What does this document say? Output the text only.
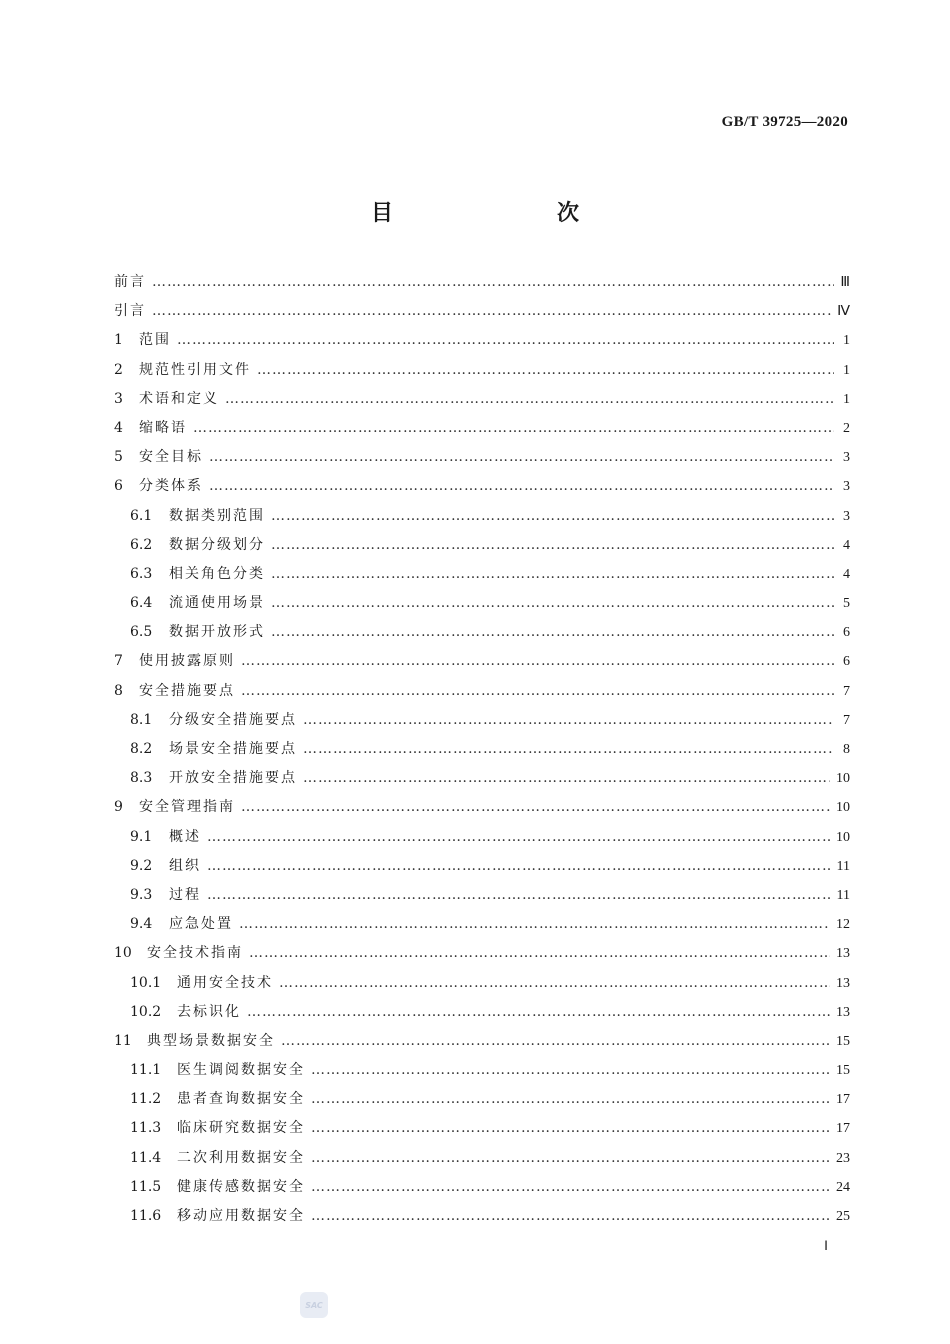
GB/T 39725—2020
目　　次
前言 ……………………………………………………………………………………………………………………………………………………………………………………………………………………	Ⅲ
引言 ……………………………………………………………………………………………………………………………………………………………………………………………………………………	Ⅳ
1	范围 ……………………………………………………………………………………………………………………………………………………………………………………………………………………	1
2	规范性引用文件 ……………………………………………………………………………………………………………………………………………………………………………………………………………………	1
3	术语和定义 ……………………………………………………………………………………………………………………………………………………………………………………………………………………	1
4	缩略语 ……………………………………………………………………………………………………………………………………………………………………………………………………………………	2
5	安全目标 ……………………………………………………………………………………………………………………………………………………………………………………………………………………	3
6	分类体系 ……………………………………………………………………………………………………………………………………………………………………………………………………………………	3
6.1	数据类别范围 ……………………………………………………………………………………………………………………………………………………………………………………………………………………	3
6.2	数据分级划分 ……………………………………………………………………………………………………………………………………………………………………………………………………………………	4
6.3	相关角色分类 ……………………………………………………………………………………………………………………………………………………………………………………………………………………	4
6.4	流通使用场景 ……………………………………………………………………………………………………………………………………………………………………………………………………………………	5
6.5	数据开放形式 ……………………………………………………………………………………………………………………………………………………………………………………………………………………	6
7	使用披露原则 ……………………………………………………………………………………………………………………………………………………………………………………………………………………	6
8	安全措施要点 ……………………………………………………………………………………………………………………………………………………………………………………………………………………	7
8.1	分级安全措施要点 ……………………………………………………………………………………………………………………………………………………………………………………………………………………	7
8.2	场景安全措施要点 ……………………………………………………………………………………………………………………………………………………………………………………………………………………	8
8.3	开放安全措施要点 ……………………………………………………………………………………………………………………………………………………………………………………………………………………	10
9	安全管理指南 ……………………………………………………………………………………………………………………………………………………………………………………………………………………	10
9.1	概述 ……………………………………………………………………………………………………………………………………………………………………………………………………………………	10
9.2	组织 ……………………………………………………………………………………………………………………………………………………………………………………………………………………	11
9.3	过程 ……………………………………………………………………………………………………………………………………………………………………………………………………………………	11
9.4	应急处置 ……………………………………………………………………………………………………………………………………………………………………………………………………………………	12
10	安全技术指南 ……………………………………………………………………………………………………………………………………………………………………………………………………………………	13
10.1	通用安全技术 ……………………………………………………………………………………………………………………………………………………………………………………………………………………	13
10.2	去标识化 ……………………………………………………………………………………………………………………………………………………………………………………………………………………	13
11	典型场景数据安全 ……………………………………………………………………………………………………………………………………………………………………………………………………………………	15
11.1	医生调阅数据安全 ……………………………………………………………………………………………………………………………………………………………………………………………………………………	15
11.2	患者查询数据安全 ……………………………………………………………………………………………………………………………………………………………………………………………………………………	17
11.3	临床研究数据安全 ……………………………………………………………………………………………………………………………………………………………………………………………………………………	17
11.4	二次利用数据安全 ……………………………………………………………………………………………………………………………………………………………………………………………………………………	23
11.5	健康传感数据安全 ……………………………………………………………………………………………………………………………………………………………………………………………………………………	24
11.6	移动应用数据安全 ……………………………………………………………………………………………………………………………………………………………………………………………………………………	25
Ⅰ
SAC
